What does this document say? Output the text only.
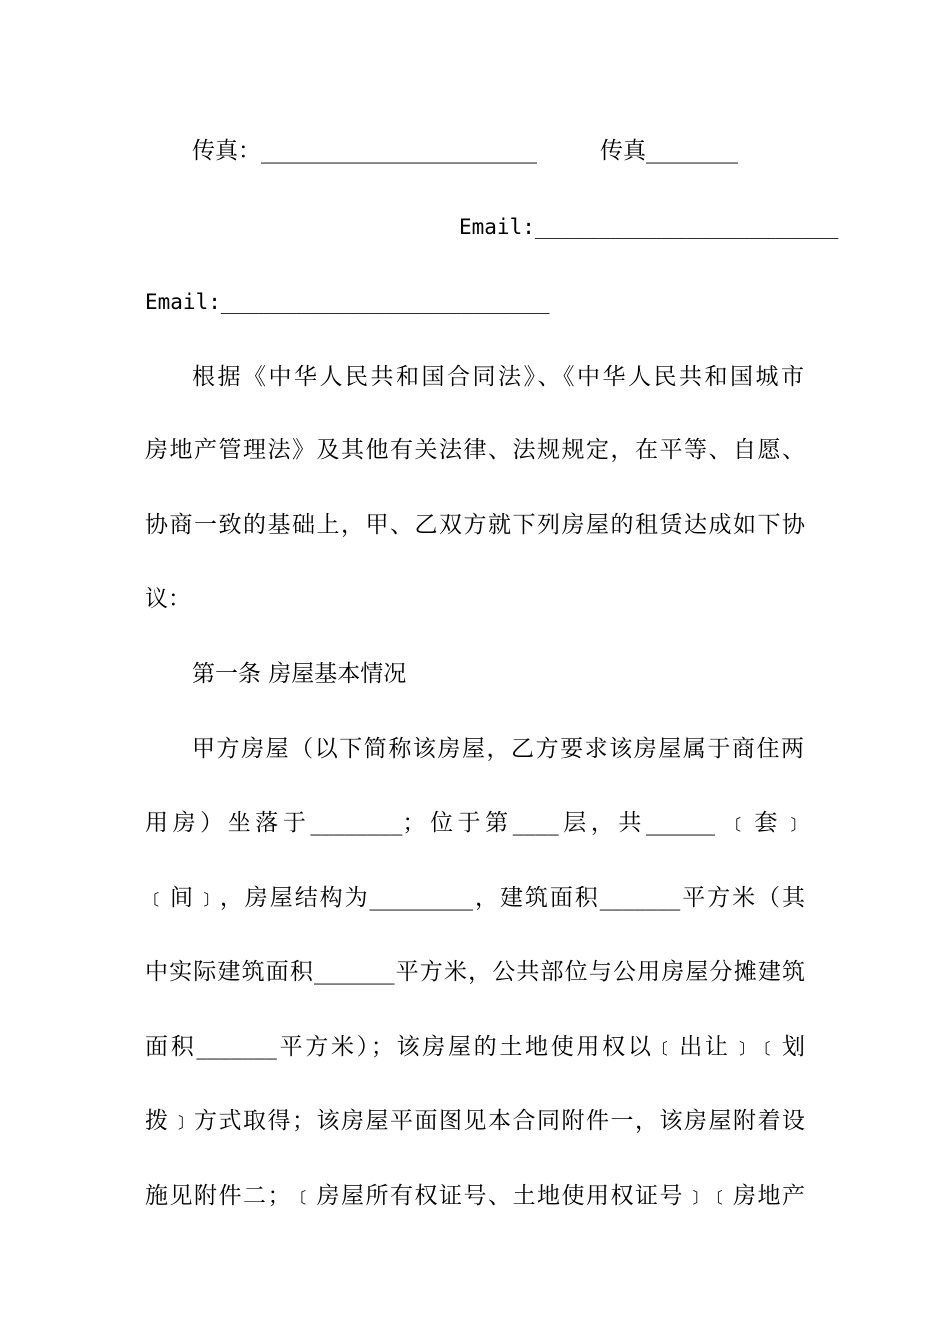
传真：________________________	传真________
Email:________________________
Email:__________________________
根据《中华人民共和国合同法》、《中华人民共和国城市
房地产管理法》及其他有关法律、法规规定，在平等、自愿、
协商一致的基础上，甲、乙双方就下列房屋的租赁达成如下协
议：
第一条 房屋基本情况
甲方房屋（以下简称该房屋，乙方要求该房屋属于商住两
用房）坐落于________；位于第____层，共______ ﹝套﹞
﹝间﹞，房屋结构为_________，建筑面积_______平方米（其
中实际建筑面积_______平方米，公共部位与公用房屋分摊建筑
面积_______平方米）；该房屋的土地使用权以﹝出让﹞﹝划
拨﹞方式取得；该房屋平面图见本合同附件一，该房屋附着设
施见附件二；﹝房屋所有权证号、土地使用权证号﹞﹝房地产
